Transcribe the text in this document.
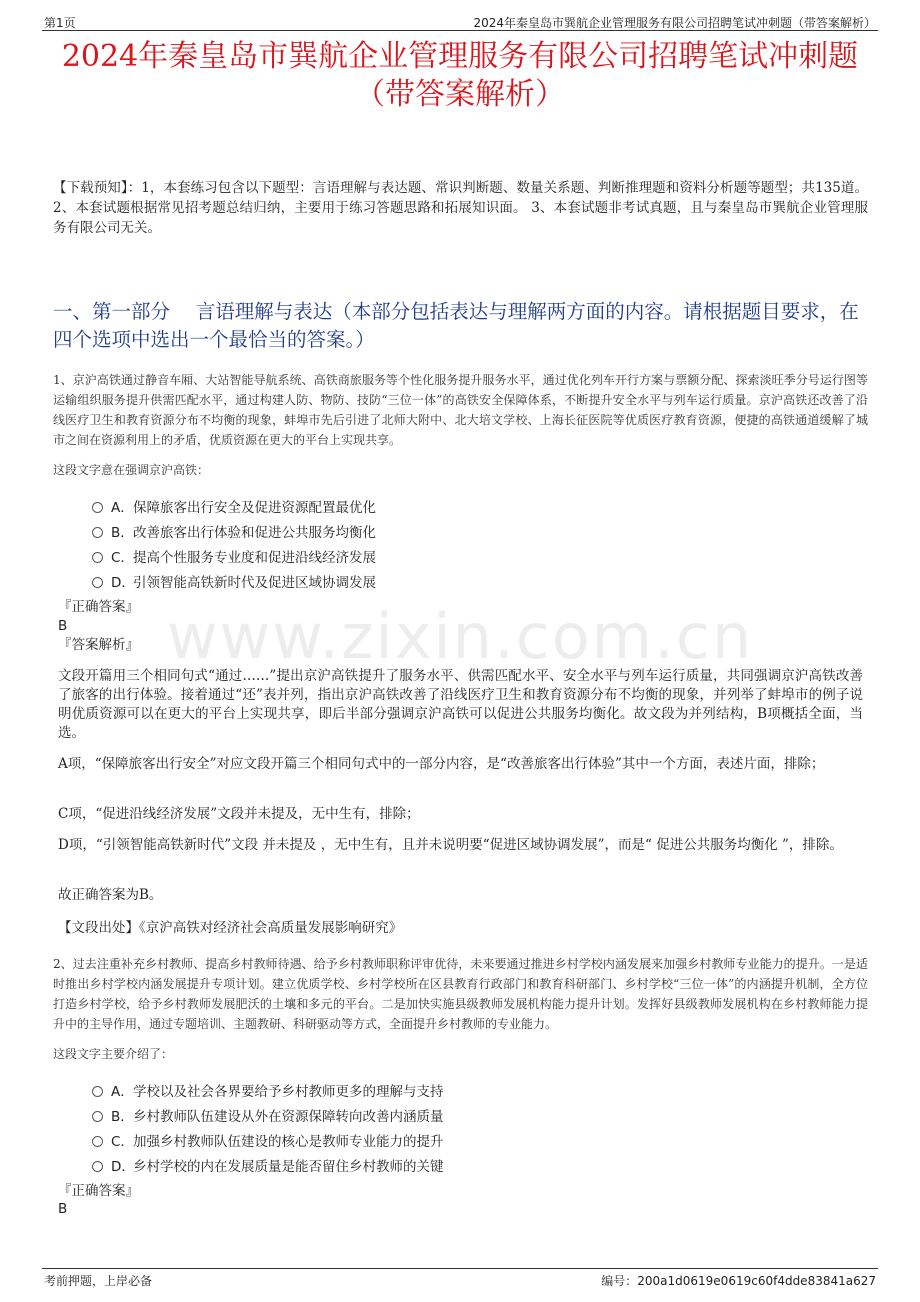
第1页	2024年秦皇岛市巽航企业管理服务有限公司招聘笔试冲刺题（带答案解析）
2024年秦皇岛市巽航企业管理服务有限公司招聘笔试冲刺题
（带答案解析）
【下载预知】：1，本套练习包含以下题型：言语理解与表达题、常识判断题、数量关系题、判断推理题和资料分析题等题型；共135道。 2、本套试题根据常见招考题总结归纳，主要用于练习答题思路和拓展知识面。 3、本套试题非考试真题，且与秦皇岛市巽航企业管理服务有限公司无关。
一、第一部分　 言语理解与表达（本部分包括表达与理解两方面的内容。请根据题目要求，在四个选项中选出一个最恰当的答案。）
www.zixin.com.cn
1、京沪高铁通过静音车厢、大站智能导航系统、高铁商旅服务等个性化服务提升服务水平，通过优化列车开行方案与票额分配、探索淡旺季分号运行图等运输组织服务提升供需匹配水平，通过构建人防、物防、技防“三位一体”的高铁安全保障体系，不断提升安全水平与列车运行质量。京沪高铁还改善了沿线医疗卫生和教育资源分布不均衡的现象，蚌埠市先后引进了北师大附中、北大培文学校、上海长征医院等优质医疗教育资源，便捷的高铁通道缓解了城市之间在资源利用上的矛盾，优质资源在更大的平台上实现共享。
这段文字意在强调京沪高铁：
A． 保障旅客出行安全及促进资源配置最优化
B． 改善旅客出行体验和促进公共服务均衡化
C． 提高个性服务专业度和促进沿线经济发展
D．
引领智能高铁新时代及促进区域协调发展
『正确答案』
B
『答案解析』
文段开篇用三个相同句式“通过……”提出京沪高铁提升了服务水平、供需匹配水平、安全水平与列车运行质量，共同强调京沪高铁改善了旅客的出行体验。接着通过“还”表并列，指出京沪高铁改善了沿线医疗卫生和教育资源分布不均衡的现象，并列举了蚌埠市的例子说明优质资源可以在更大的平台上实现共享，即后半部分强调京沪高铁可以促进公共服务均衡化。故文段为并列结构，B项概括全面，当选。
A项，“保障旅客出行安全”对应文段开篇三个相同句式中的一部分内容，是“改善旅客出行体验”其中一个方面，表述片面，排除；
C项，“促进沿线经济发展”文段并未提及，无中生有，排除；
D项，“引领智能高铁新时代”文段 并未提及 ，无中生有，且并未说明要“促进区域协调发展”，而是“ 促进公共服务均衡化 ”，排除。
故正确答案为B。
【文段出处】《京沪高铁对经济社会高质量发展影响研究》
2、过去注重补充乡村教师、提高乡村教师待遇、给予乡村教师职称评审优待，未来要通过推进乡村学校内涵发展来加强乡村教师专业能力的提升。一是适时推出乡村学校内涵发展提升专项计划。建立优质学校、乡村学校所在区县教育行政部门和教育科研部门、乡村学校“三位一体”的内涵提升机制，全方位打造乡村学校，给予乡村教师发展肥沃的土壤和多元的平台。二是加快实施县级教师发展机构能力提升计划。发挥好县级教师发展机构在乡村教师能力提升中的主导作用，通过专题培训、主题教研、科研驱动等方式，全面提升乡村教师的专业能力。
这段文字主要介绍了：
A． 学校以及社会各界要给予乡村教师更多的理解与支持
B． 乡村教师队伍建设从外在资源保障转向改善内涵质量
C． 加强乡村教师队伍建设的核心是教师专业能力的提升
D．
乡村学校的内在发展质量是能否留住乡村教师的关键
『正确答案』
B
考前押题，上岸必备	编号：200a1d0619e0619c60f4dde83841a627
